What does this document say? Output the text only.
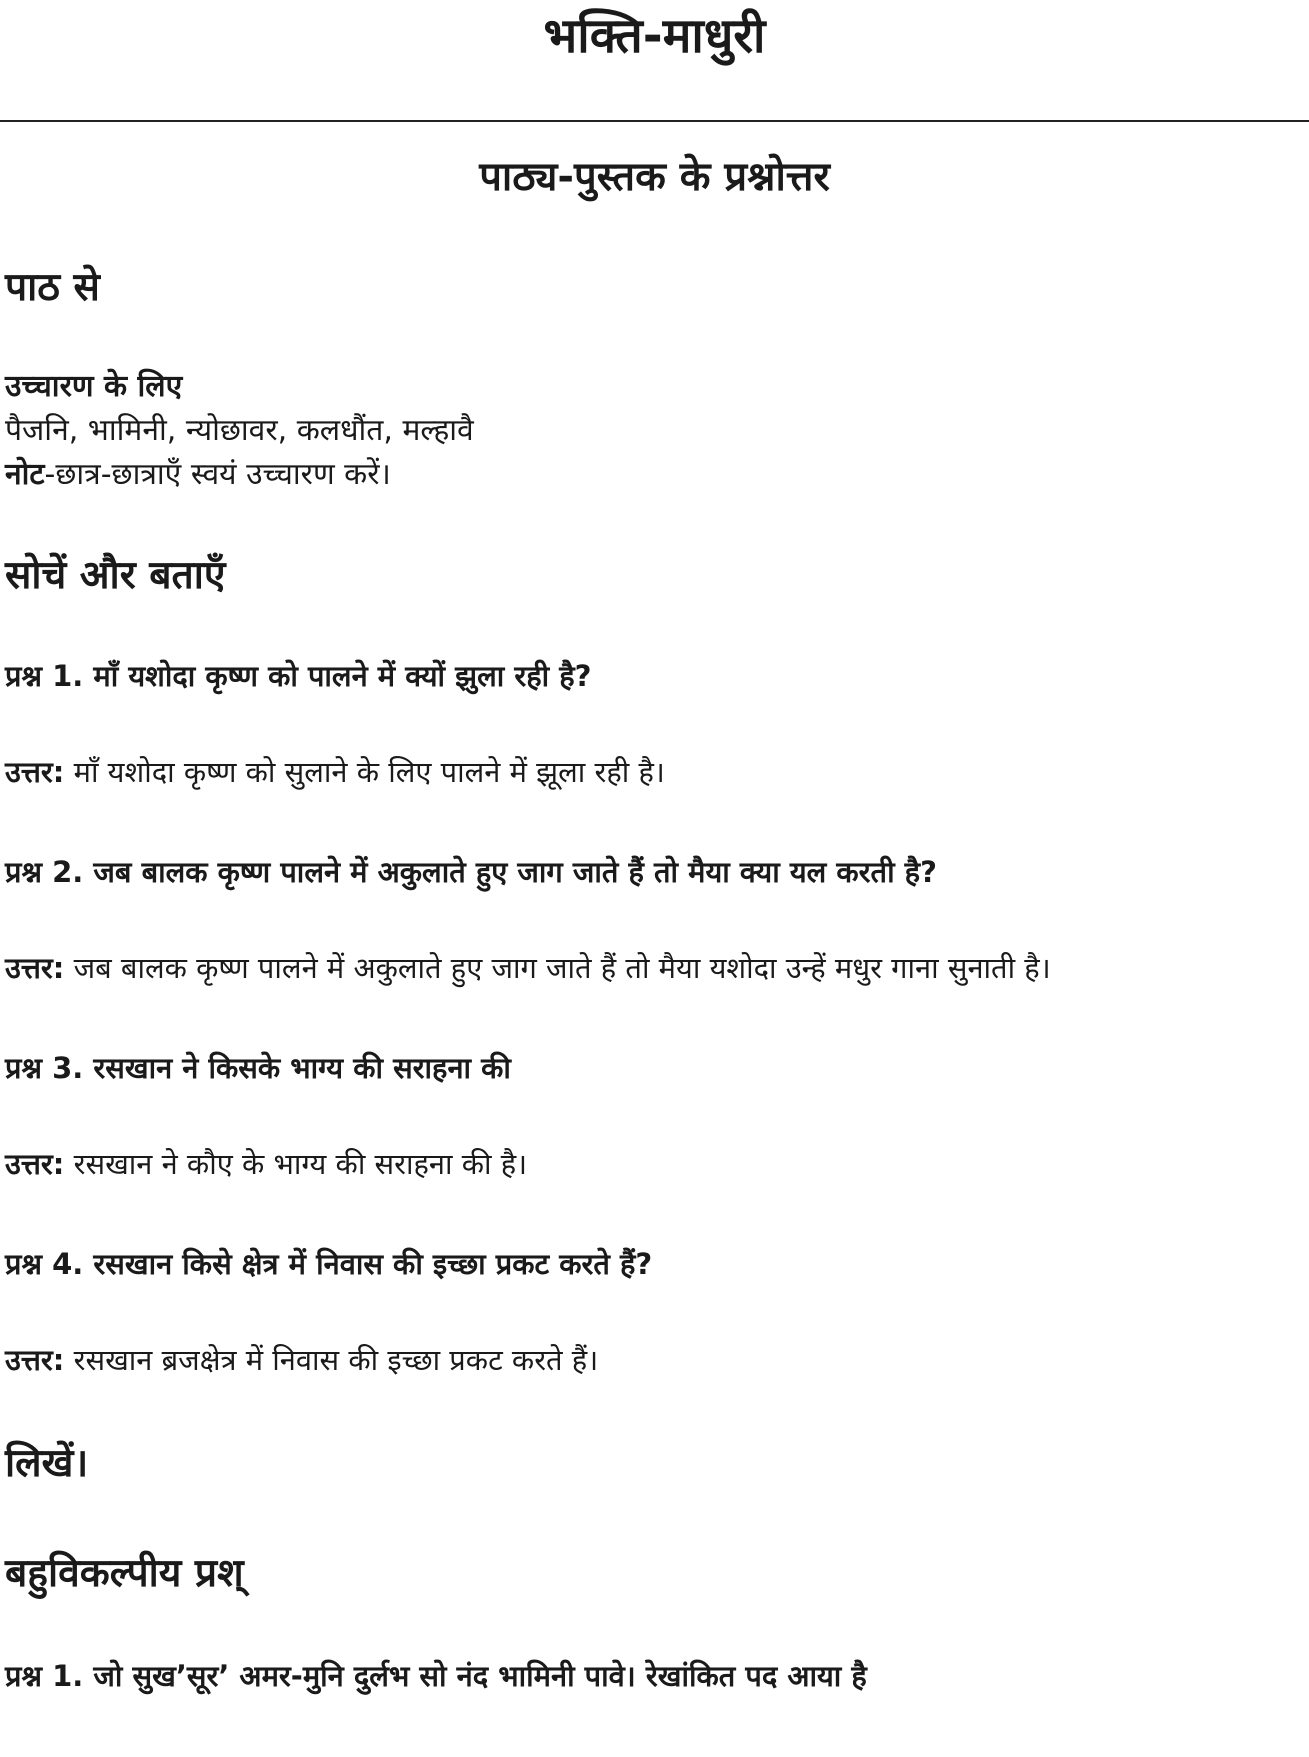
भक्ति-माधुरी
पाठ्य-पुस्तक के प्रश्नोत्तर
पाठ से
उच्चारण के लिए
पैजनि, भामिनी, न्योछावर, कलधौंत, मल्हावै
नोट-छात्र-छात्राएँ स्वयं उच्चारण करें।
सोचें और बताएँ
प्रश्न 1. माँ यशोदा कृष्ण को पालने में क्यों झुला रही है?
उत्तर: माँ यशोदा कृष्ण को सुलाने के लिए पालने में झूला रही है।
प्रश्न 2. जब बालक कृष्ण पालने में अकुलाते हुए जाग जाते हैं तो मैया क्या यल करती है?
उत्तर: जब बालक कृष्ण पालने में अकुलाते हुए जाग जाते हैं तो मैया यशोदा उन्हें मधुर गाना सुनाती है।
प्रश्न 3. रसखान ने किसके भाग्य की सराहना की
उत्तर: रसखान ने कौए के भाग्य की सराहना की है।
प्रश्न 4. रसखान किसे क्षेत्र में निवास की इच्छा प्रकट करते हैं?
उत्तर: रसखान ब्रजक्षेत्र में निवास की इच्छा प्रकट करते हैं।
लिखें।
बहुविकल्पीय प्रश्
प्रश्न 1. जो सुख’सूर’ अमर-मुनि दुर्लभ सो नंद भामिनी पावे। रेखांकित पद आया है
